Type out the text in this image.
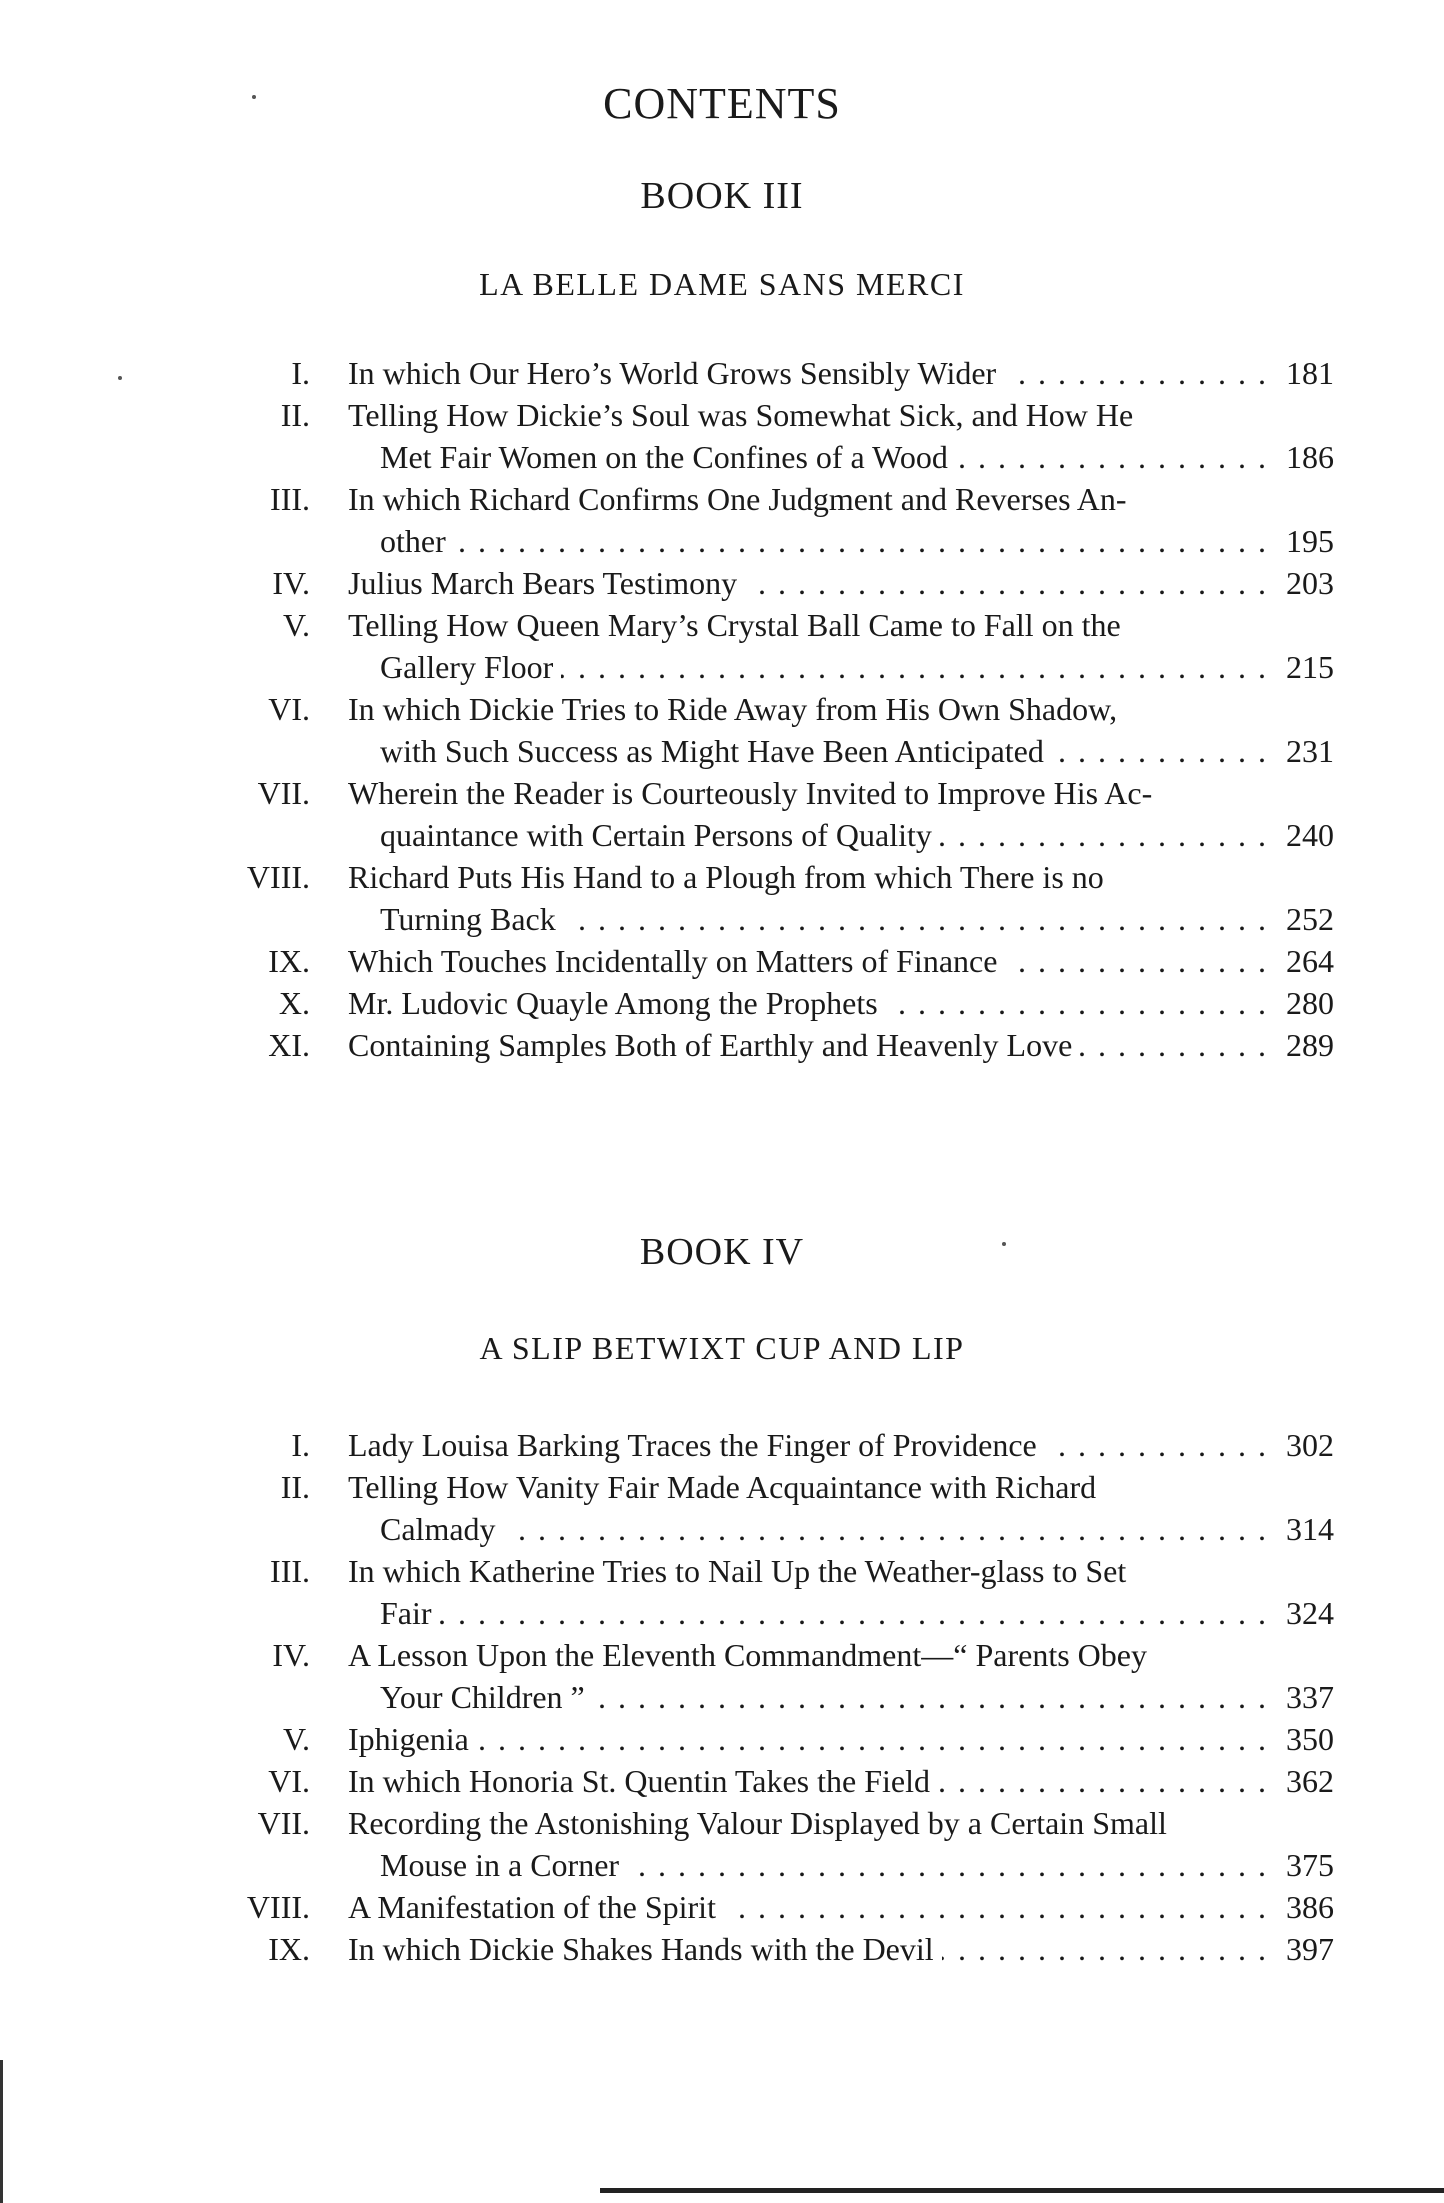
CONTENTS
BOOK III
LA BELLE DAME SANS MERCI
I. In which Our Hero’s World Grows Sensibly Wider . . .	181
II. Telling How Dickie’s Soul was Somewhat Sick, and How He
Met Fair Women on the Confines of a Wood . . .	186
III. In which Richard Confirms One Judgment and Reverses An-
other . . .	195
IV. Julius March Bears Testimony . . .	203
V. Telling How Queen Mary’s Crystal Ball Came to Fall on the
Gallery Floor . . .	215
VI. In which Dickie Tries to Ride Away from His Own Shadow,
with Such Success as Might Have Been Anticipated . . .	231
VII. Wherein the Reader is Courteously Invited to Improve His Ac-
quaintance with Certain Persons of Quality . . .	240
VIII. Richard Puts His Hand to a Plough from which There is no
Turning Back . . .	252
IX. Which Touches Incidentally on Matters of Finance . . .	264
X. Mr. Ludovic Quayle Among the Prophets . . .	280
XI. Containing Samples Both of Earthly and Heavenly Love . . .	289
BOOK IV
A SLIP BETWIXT CUP AND LIP
I. Lady Louisa Barking Traces the Finger of Providence . . .	302
II. Telling How Vanity Fair Made Acquaintance with Richard
Calmady . . .	314
III. In which Katherine Tries to Nail Up the Weather-glass to Set
Fair . . .	324
IV. A Lesson Upon the Eleventh Commandment—“ Parents Obey
Your Children ” . . .	337
V. Iphigenia . . .	350
VI. In which Honoria St. Quentin Takes the Field . . .	362
VII. Recording the Astonishing Valour Displayed by a Certain Small
Mouse in a Corner . . .	375
VIII. A Manifestation of the Spirit . . .	386
IX. In which Dickie Shakes Hands with the Devil . . .	397
